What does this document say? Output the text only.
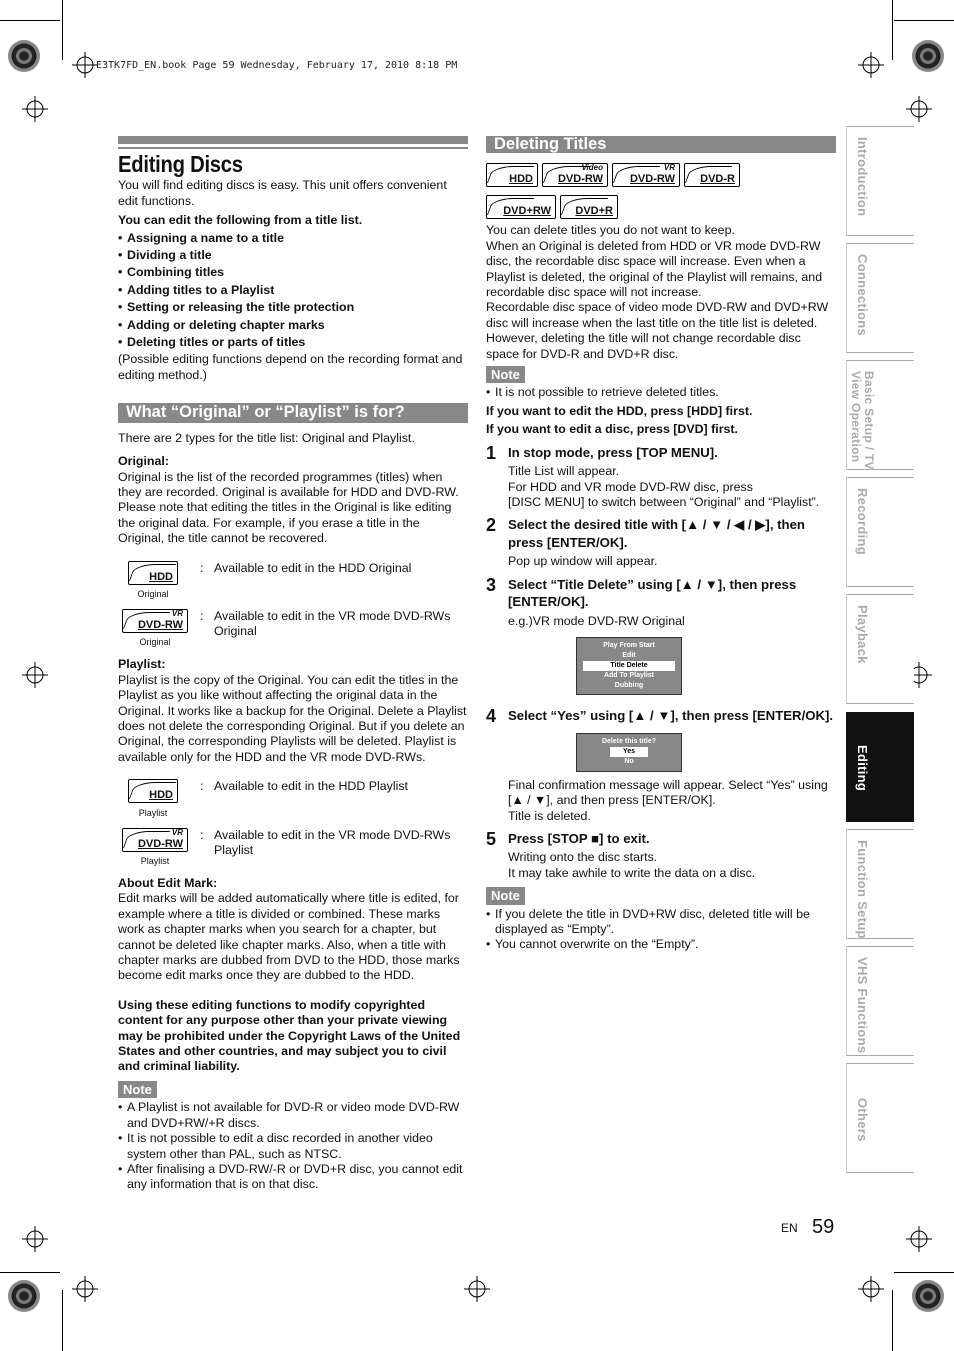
E3TK7FD_EN.book Page 59 Wednesday, February 17, 2010 8:18 PM
Editing Discs

You will find editing discs is easy. This unit offers convenient edit functions.

You can edit the following from a title list.

• Assigning a name to a title
• Dividing a title
• Combining titles
• Adding titles to a Playlist
• Setting or releasing the title protection
• Adding or deleting chapter marks
• Deleting titles or parts of titles

(Possible editing functions depend on the recording format and editing method.)

What “Original” or “Playlist” is for?

There are 2 types for the title list: Original and Playlist.

Original:

Original is the list of the recorded programmes (titles) when they are recorded. Original is available for HDD and DVD-RW. Please note that editing the titles in the Original is like editing the original data. For example, if you erase a title in the Original, the title cannot be recovered.

HDD
Original
: Available to edit in the HDD Original
VR
DVD-RW
Original
: Available to edit in the VR mode DVD-RWs Original

Playlist:

Playlist is the copy of the Original. You can edit the titles in the Playlist as you like without affecting the original data in the Original. It works like a backup for the Original. Delete a Playlist does not delete the corresponding Original. But if you delete an Original, the corresponding Playlists will be deleted. Playlist is available only for the HDD and the VR mode DVD-RWs.

HDD
Playlist
: Available to edit in the HDD Playlist
VR
DVD-RW
Playlist
: Available to edit in the VR mode DVD-RWs Playlist

About Edit Mark:

Edit marks will be added automatically where title is edited, for example where a title is divided or combined. These marks work as chapter marks when you search for a chapter, but cannot be deleted like chapter marks. Also, when a title with chapter marks are dubbed from DVD to the HDD, those marks become edit marks once they are dubbed to the HDD.

Using these editing functions to modify copyrighted content for any purpose other than your private viewing may be prohibited under the Copyright Laws of the United States and other countries, and may subject you to civil and criminal liability.

Note
• A Playlist is not available for DVD-R or video mode DVD-RW and DVD+RW/+R discs.
• It is not possible to edit a disc recorded in another video system other than PAL, such as NTSC.
• After finalising a DVD-RW/-R or DVD+R disc, you cannot edit any information that is on that disc.
Deleting Titles
HDD
Video
DVD-RW
VR
DVD-RW DVD-R
DVD+RW DVD+R

You can delete titles you do not want to keep.

When an Original is deleted from HDD or VR mode DVD-RW disc, the recordable disc space will increase. Even when a Playlist is deleted, the original of the Playlist will remains, and recordable disc space will not increase.

Recordable disc space of video mode DVD-RW and DVD+RW disc will increase when the last title on the title list is deleted. However, deleting the title will not change recordable disc space for DVD-R and DVD+R disc.

Note
• It is not possible to retrieve deleted titles.

If you want to edit the HDD, press [HDD] first.

If you want to edit a disc, press [DVD] first.

1 In stop mode, press [TOP MENU].
Title List will appear.
For HDD and VR mode DVD-RW disc, press
[DISC MENU] to switch between “Original” and “Playlist”.
2 Select the desired title with [▲ / ▼ / ◀ / ▶], then press [ENTER/OK].
Pop up window will appear.
3 Select “Title Delete” using [▲ / ▼], then press [ENTER/OK].
e.g.)VR mode DVD-RW Original
Play From Start
Edit
Title Delete
Add To Playlist
Dubbing
4 Select “Yes” using [▲ / ▼], then press [ENTER/OK].
Delete this title?
Yes
No
Final confirmation message will appear. Select “Yes” using [▲ / ▼], and then press [ENTER/OK].
Title is deleted.
5 Press [STOP ■] to exit.
Writing onto the disc starts.
It may take awhile to write the data on a disc.
Note
• If you delete the title in DVD+RW disc, deleted title will be displayed as “Empty”.
• You cannot overwrite on the “Empty”.
Introduction
Connections
Basic Setup / TV View Operation
Recording
Playback
Editing
Function Setup
VHS Functions
Others
EN 59
